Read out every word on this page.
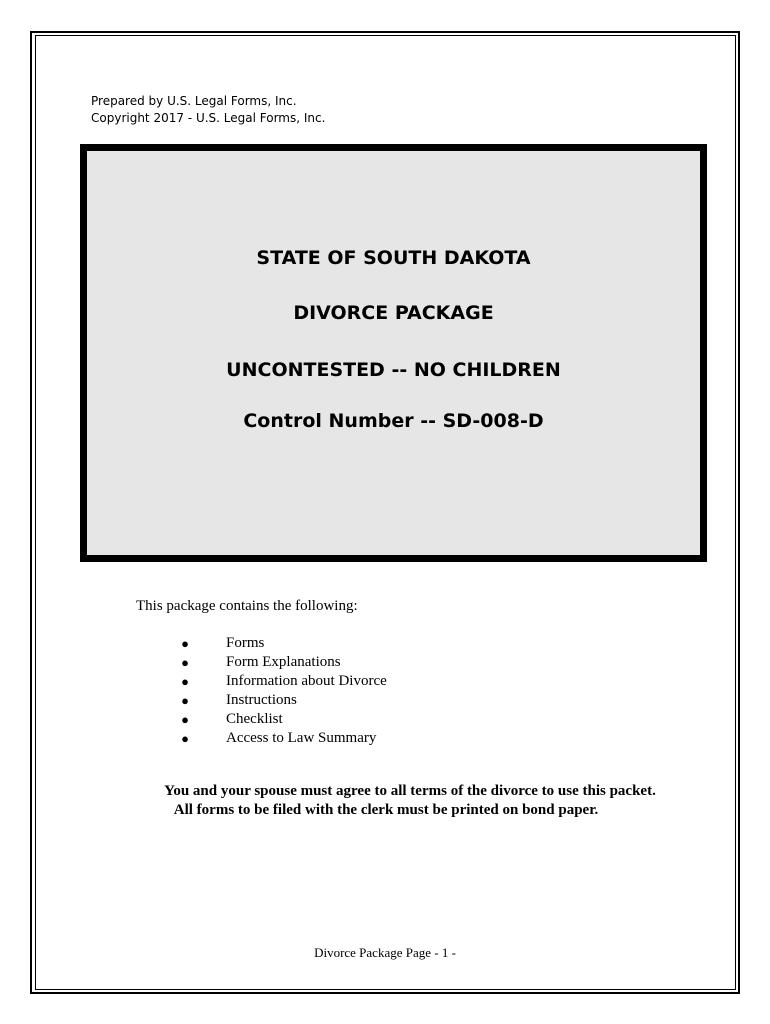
Prepared by U.S. Legal Forms, Inc.
Copyright 2017 - U.S. Legal Forms, Inc.
STATE OF SOUTH DAKOTA
DIVORCE PACKAGE
UNCONTESTED -- NO CHILDREN
Control Number -- SD-008-D
This package contains the following:
● Forms
● Form Explanations
● Information about Divorce
● Instructions
● Checklist
● Access to Law Summary
You and your spouse must agree to all terms of the divorce to use this packet.
All forms to be filed with the clerk must be printed on bond paper.
Divorce Package Page - 1 -
